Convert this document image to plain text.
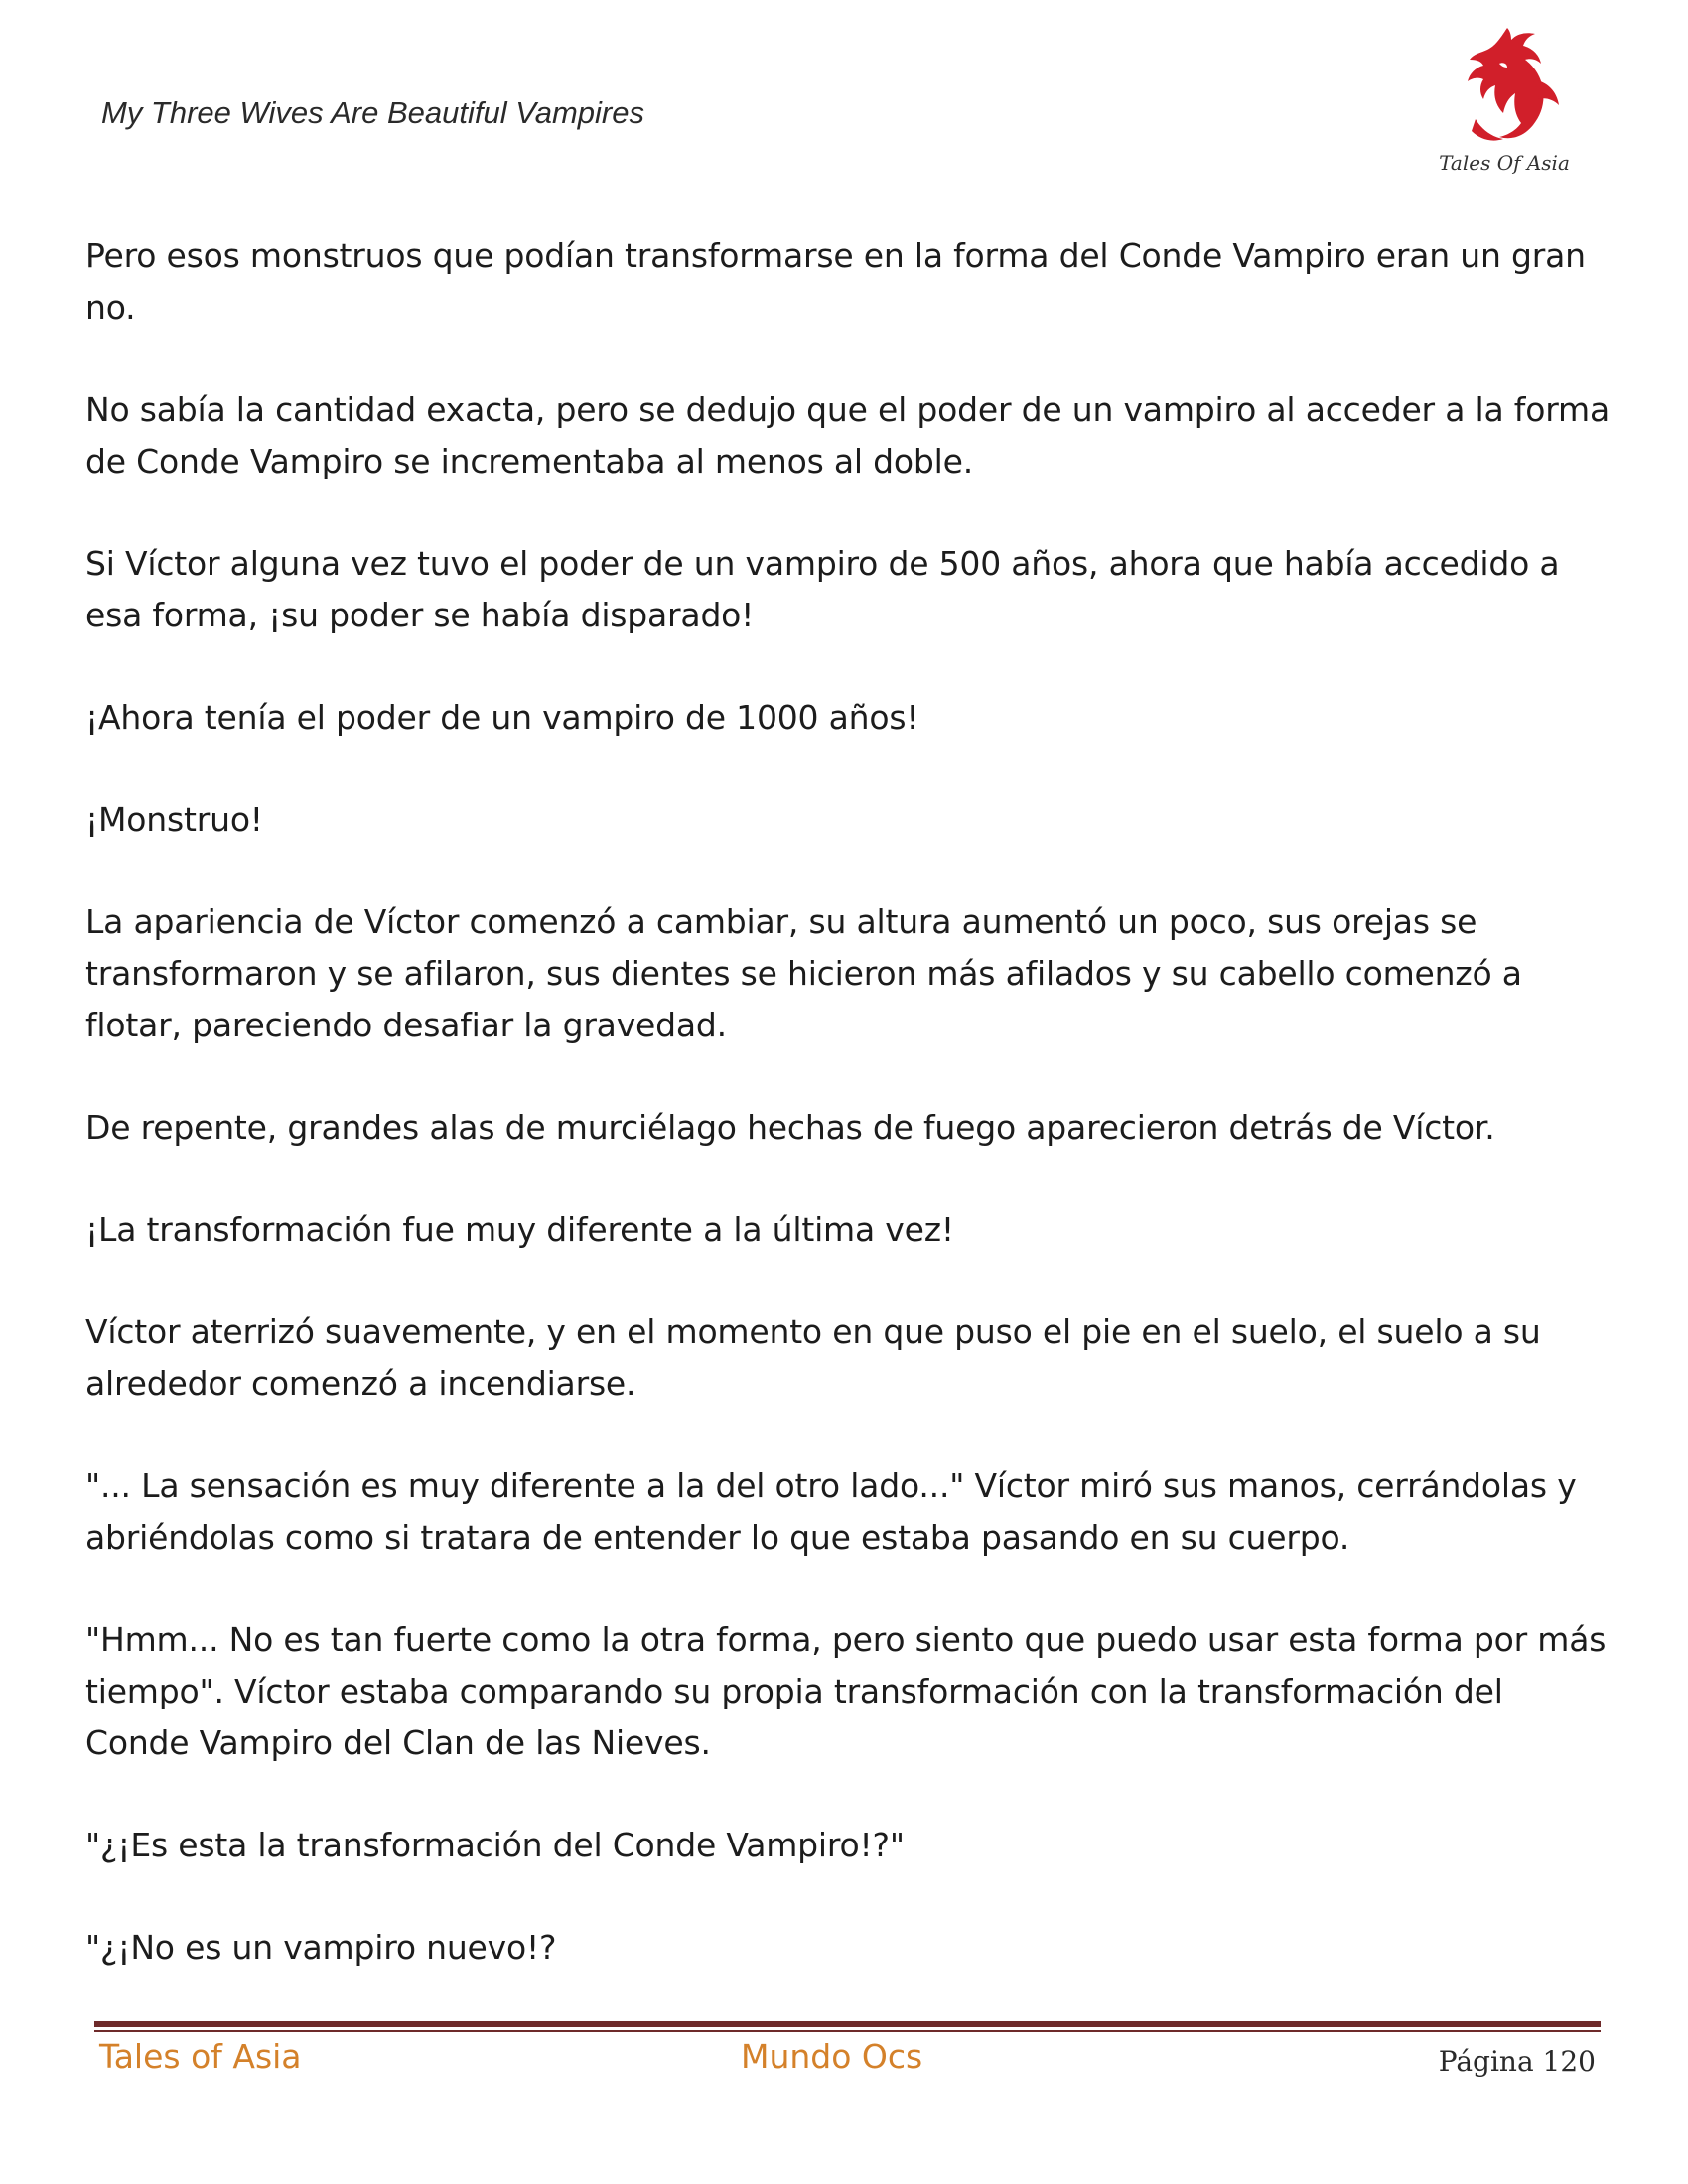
My Three Wives Are Beautiful Vampires
Tales Of Asia

Pero esos monstruos que podían transformarse en la forma del Conde Vampiro eran un gran no.

No sabía la cantidad exacta, pero se dedujo que el poder de un vampiro al acceder a la forma de Conde Vampiro se incrementaba al menos al doble.

Si Víctor alguna vez tuvo el poder de un vampiro de 500 años, ahora que había accedido a esa forma, ¡su poder se había disparado!

¡Ahora tenía el poder de un vampiro de 1000 años!

¡Monstruo!

La apariencia de Víctor comenzó a cambiar, su altura aumentó un poco, sus orejas se transformaron y se afilaron, sus dientes se hicieron más afilados y su cabello comenzó a flotar, pareciendo desafiar la gravedad.

De repente, grandes alas de murciélago hechas de fuego aparecieron detrás de Víctor.

¡La transformación fue muy diferente a la última vez!

Víctor aterrizó suavemente, y en el momento en que puso el pie en el suelo, el suelo a su alrededor comenzó a incendiarse.

"... La sensación es muy diferente a la del otro lado..." Víctor miró sus manos, cerrándolas y abriéndolas como si tratara de entender lo que estaba pasando en su cuerpo.

"Hmm... No es tan fuerte como la otra forma, pero siento que puedo usar esta forma por más tiempo". Víctor estaba comparando su propia transformación con la transformación del Conde Vampiro del Clan de las Nieves.

"¿¡Es esta la transformación del Conde Vampiro!?"

"¿¡No es un vampiro nuevo!?

Tales of Asia	Mundo Ocs	Página 120
